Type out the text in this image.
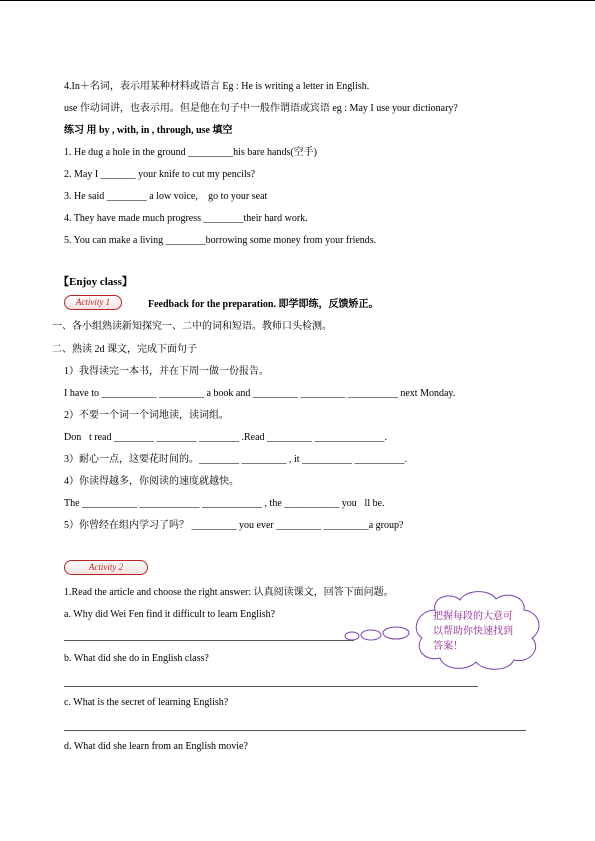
4.In＋名词，表示用某种材料或语言 Eg : He is writing a letter in English.
use 作动词讲，也表示用。但是他在句子中一般作谓语或宾语 eg : May I use your dictionary?
练习 用 by , with, in , through, use 填空
1. He dug a hole in the ground _________his bare hands(空手)
2. May I _______ your knife to cut my pencils?
3. He said ________ a low voice,  go to your seat 
4. They have made much progress ________their hard work.
5. You can make a living ________borrowing some money from your friends.
【Enjoy class】
Activity 1	Feedback for the preparation. 即学即练，反馈矫正。
一、各小组熟读新知探究一、二中的词和短语。教师口头检测。
二、熟读 2d 课文，完成下面句子
1）我得读完一本书，并在下周一做一份报告。
I have to ___________ _________ a book and _________ _________ __________ next Monday.
2）不要一个词一个词地读，读词组。
Don t read ________ ________ ________ .Read _________ ______________.
3）耐心一点，这要花时间的。________ _________ , it __________ __________.
4）你读得越多，你阅读的速度就越快。
The ___________ ____________ ____________ , the ___________ you ll be.
5）你曾经在组内学习了吗？ _________ you ever _________ _________a group?
Activity 2
1.Read the article and choose the right answer: 认真阅读课文，回答下面问题。
a. Why did Wei Fen find it difficult to learn English?
b. What did she do in English class?
c. What is the secret of learning English?
d. What did she learn from an English movie?
把握每段的大意可以帮助你快速找到答案！
